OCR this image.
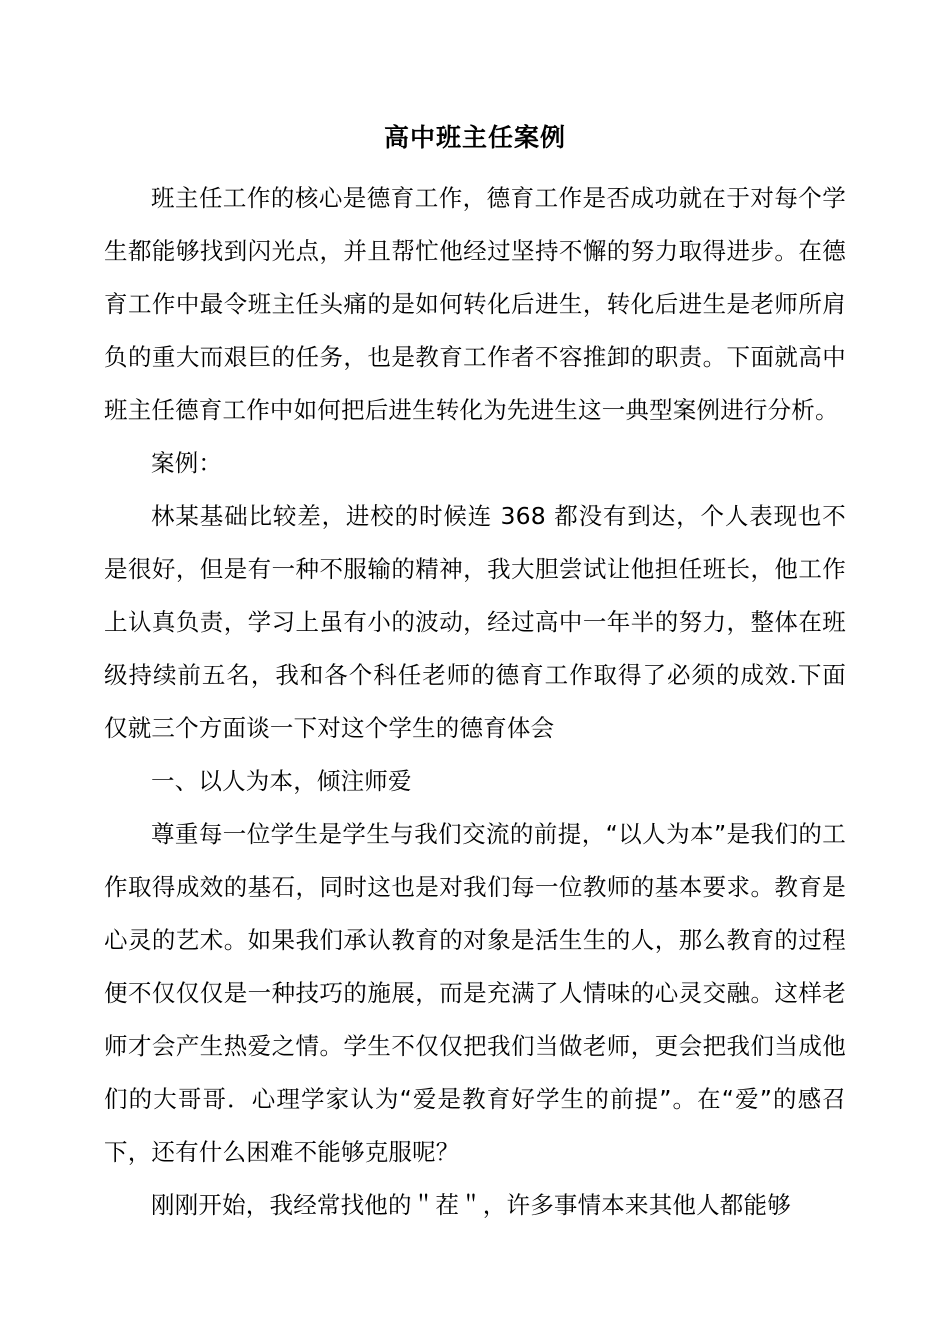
高中班主任案例

班主任工作的核心是德育工作，德育工作是否成功就在于对每个学生都能够找到闪光点，并且帮忙他经过坚持不懈的努力取得进步。在德育工作中最令班主任头痛的是如何转化后进生，转化后进生是老师所肩负的重大而艰巨的任务，也是教育工作者不容推卸的职责。下面就高中班主任德育工作中如何把后进生转化为先进生这一典型案例进行分析。

案例：

林某基础比较差，进校的时候连 368 都没有到达，个人表现也不是很好，但是有一种不服输的精神，我大胆尝试让他担任班长，他工作上认真负责，学习上虽有小的波动，经过高中一年半的努力，整体在班级持续前五名，我和各个科任老师的德育工作取得了必须的成效.下面仅就三个方面谈一下对这个学生的德育体会

一、以人为本，倾注师爱

尊重每一位学生是学生与我们交流的前提，“以人为本”是我们的工作取得成效的基石，同时这也是对我们每一位教师的基本要求。教育是心灵的艺术。如果我们承认教育的对象是活生生的人，那么教育的过程便不仅仅仅是一种技巧的施展，而是充满了人情味的心灵交融。这样老师才会产生热爱之情。学生不仅仅把我们当做老师，更会把我们当成他们的大哥哥．心理学家认为“爱是教育好学生的前提”。在“爱”的感召下，还有什么困难不能够克服呢？

刚刚开始，我经常找他的＂茬＂，许多事情本来其他人都能够
